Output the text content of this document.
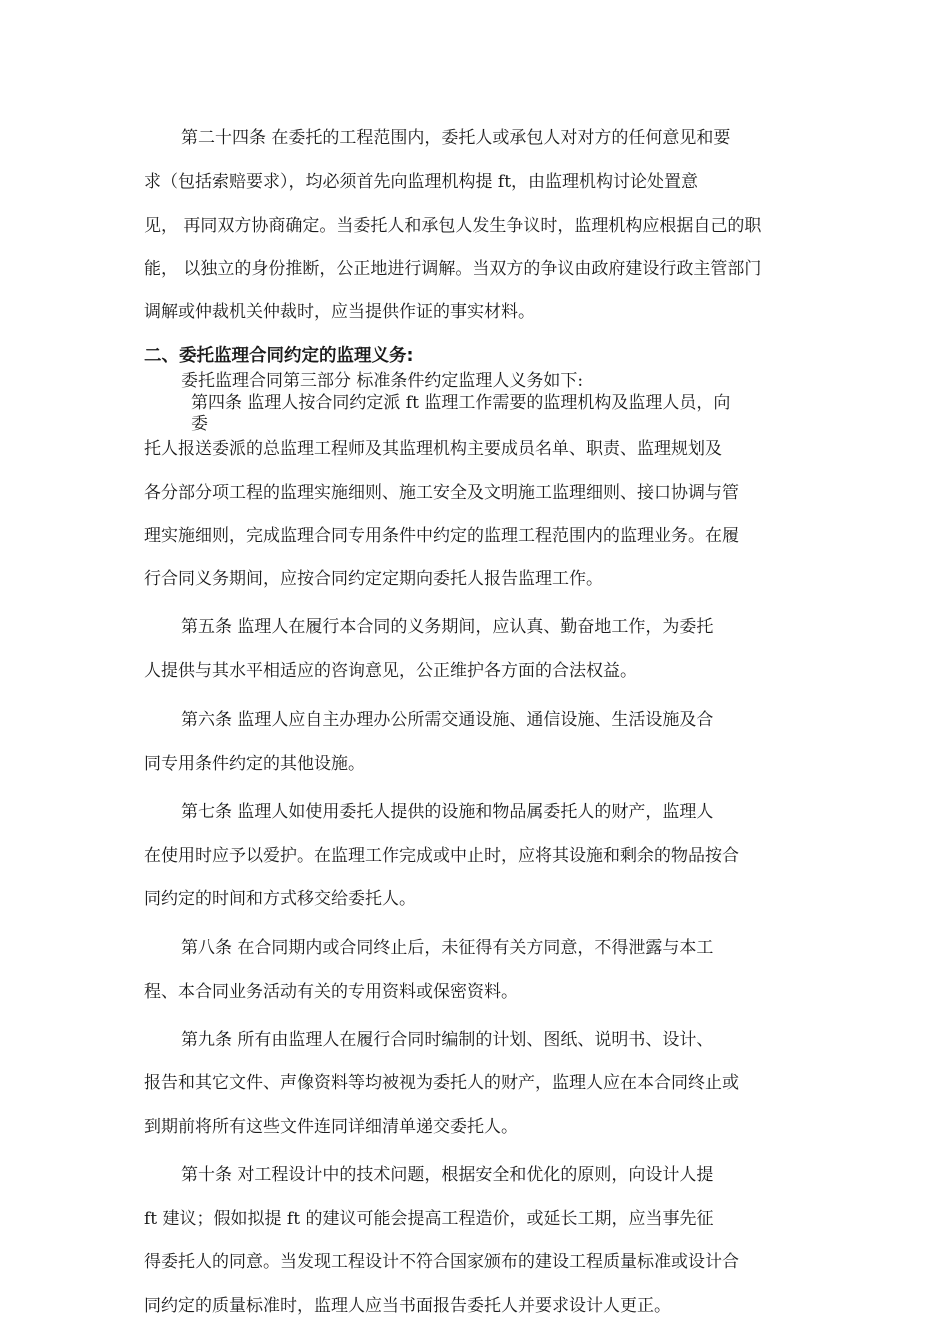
第二十四条 在委托的工程范围内，委托人或承包人对对方的任何意见和要
求（包括索赔要求），均必须首先向监理机构提 ft，由监理机构讨论处置意
见， 再同双方协商确定。当委托人和承包人发生争议时，监理机构应根据自己的职
能， 以独立的身份推断，公正地进行调解。当双方的争议由政府建设行政主管部门
调解或仲裁机关仲裁时，应当提供作证的事实材料。
二、委托监理合同约定的监理义务:
委托监理合同第三部分 标准条件约定监理人义务如下:
第四条 监理人按合同约定派 ft 监理工作需要的监理机构及监理人员，向
委
托人报送委派的总监理工程师及其监理机构主要成员名单、职责、监理规划及
各分部分项工程的监理实施细则、施工安全及文明施工监理细则、接口协调与管
理实施细则，完成监理合同专用条件中约定的监理工程范围内的监理业务。在履
行合同义务期间，应按合同约定定期向委托人报告监理工作。
第五条 监理人在履行本合同的义务期间，应认真、勤奋地工作，为委托
人提供与其水平相适应的咨询意见，公正维护各方面的合法权益。
第六条 监理人应自主办理办公所需交通设施、通信设施、生活设施及合
同专用条件约定的其他设施。
第七条 监理人如使用委托人提供的设施和物品属委托人的财产，监理人
在使用时应予以爱护。在监理工作完成或中止时，应将其设施和剩余的物品按合
同约定的时间和方式移交给委托人。
第八条 在合同期内或合同终止后，未征得有关方同意，不得泄露与本工
程、本合同业务活动有关的专用资料或保密资料。
第九条 所有由监理人在履行合同时编制的计划、图纸、说明书、设计、
报告和其它文件、声像资料等均被视为委托人的财产，监理人应在本合同终止或
到期前将所有这些文件连同详细清单递交委托人。
第十条 对工程设计中的技术问题，根据安全和优化的原则，向设计人提
ft 建议；假如拟提 ft 的建议可能会提高工程造价，或延长工期，应当事先征
得委托人的同意。当发现工程设计不符合国家颁布的建设工程质量标准或设计合
同约定的质量标准时，监理人应当书面报告委托人并要求设计人更正。
